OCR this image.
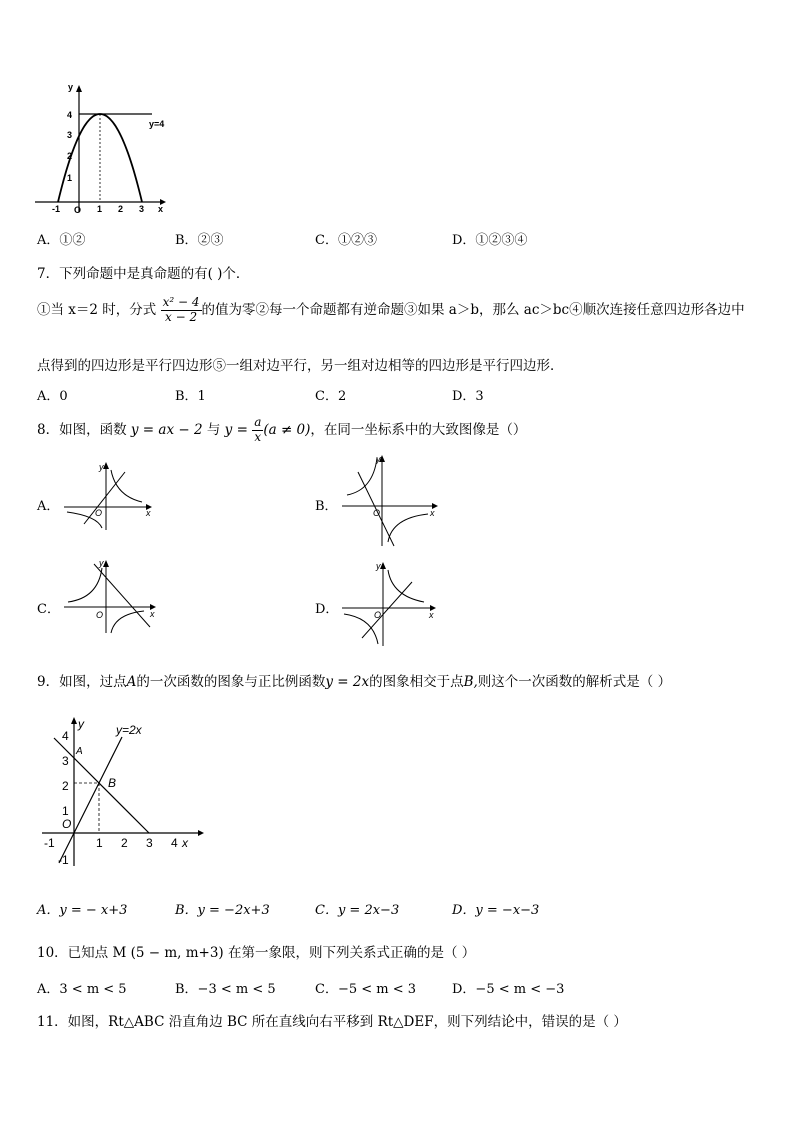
4
3
2
1
-1	1 2 3
O	x
y
y=4
A．①②	B．②③	C．①②③	D．①②③④
7．下列命题中是真命题的有( )个．
①当 x＝2 时，分式 $\frac{\text{x² − 4}}{x - 2}$ 的值为零②每一个命题都有逆命题③如果 a＞b，那么 ac＞bc④顺次连接任意四边形各边中
点得到的四边形是平行四边形⑤一组对边平行，另一组对边相等的四边形是平行四边形．
A．0	B．1	C．2	D．3
8．如图，函数 y = ax − 2 与 $y = \frac{a}{x} (a \ne 0)$，在同一坐标系中的大致图像是（）
A．
y
x
O	B．
y
x
O
C．
y
x
O	D．
y
x
O
9．如图，过点A的一次函数的图象与正比例函数y = 2x的图象相交于点B,则这个一次函数的解析式是（ ）
4
3
2
1
-1
-1	1 2 3 4 x
y
O
A
B
y=2x
A．y = − x+3	B．y = −2x+3	C．y = 2x−3	D．y = −x−3
10．已知点 M (5 − m, m+3) 在第一象限，则下列关系式正确的是（ ）
A．3 < m < 5	B．−3 < m < 5	C．−5 < m < 3	D．−5 < m < −3
11．如图，Rt△ABC 沿直角边 BC 所在直线向右平移到 Rt△DEF，则下列结论中，错误的是（ ）
